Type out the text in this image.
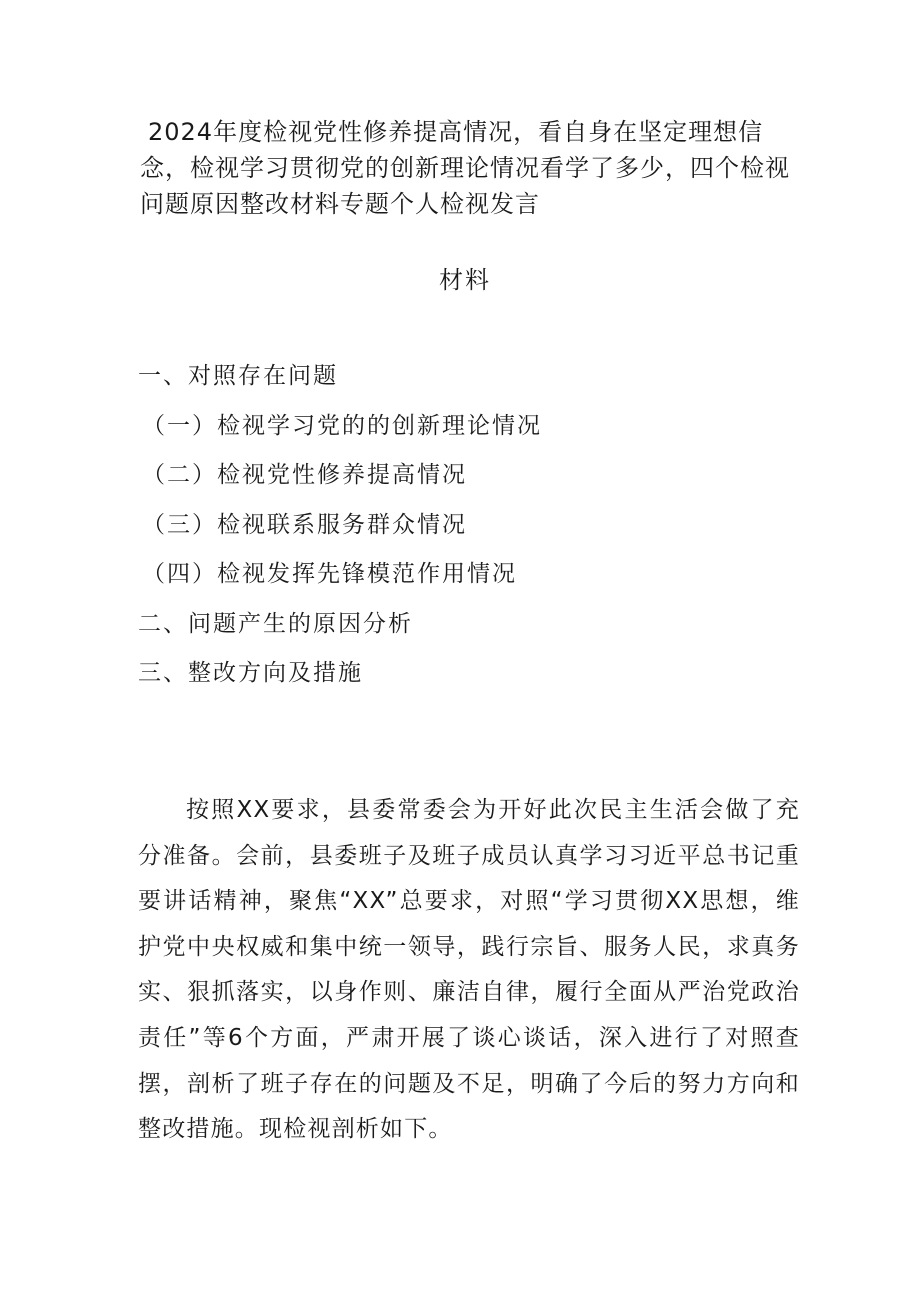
2024年度检视党性修养提高情况，看自身在坚定理想信
念，检视学习贯彻党的创新理论情况看学了多少，四个检视
问题原因整改材料专题个人检视发言
材料
一、对照存在问题
（一）检视学习党的的创新理论情况
（二）检视党性修养提高情况
（三）检视联系服务群众情况
（四）检视发挥先锋模范作用情况
二、问题产生的原因分析
三、整改方向及措施

按照XX要求，县委常委会为开好此次民主生活会做了充分准备。会前，县委班子及班子成员认真学习习近平总书记重要讲话精神，聚焦“XX”总要求，对照“学习贯彻XX思想，维护党中央权威和集中统一领导，践行宗旨、服务人民，求真务实、狠抓落实，以身作则、廉洁自律，履行全面从严治党政治责任”等6个方面，严肃开展了谈心谈话，深入进行了对照查摆，剖析了班子存在的问题及不足，明确了今后的努力方向和整改措施。现检视剖析如下。
